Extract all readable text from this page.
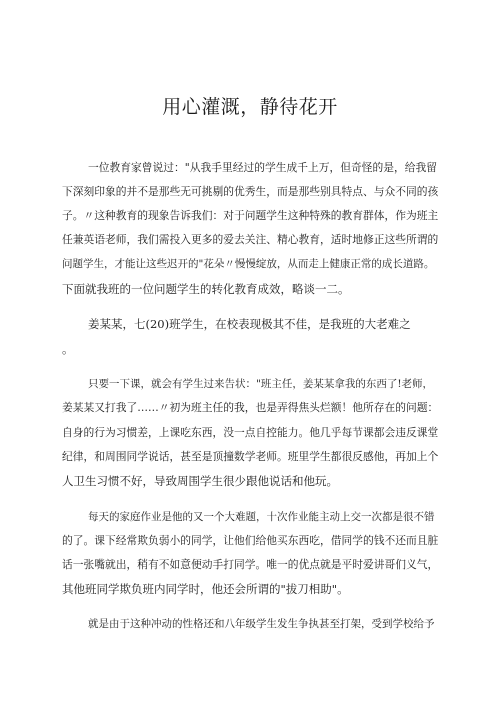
用心灌溉，静待花开
一位教育家曾说过："从我手里经过的学生成千上万，但奇怪的是，给我留
下深刻印象的并不是那些无可挑剔的优秀生，而是那些别具特点、与众不同的孩
子。〃这种教育的现象告诉我们：对于问题学生这种特殊的教育群体，作为班主
任兼英语老师，我们需投入更多的爱去关注、精心教育，适时地修正这些所谓的
问题学生，才能让这些迟开的"花朵〃慢慢绽放，从而走上健康正常的成长道路。
下面就我班的一位问题学生的转化教育成效，略谈一二。
姜某某，七(20)班学生，在校表现极其不佳，是我班的大老难之
。
只要一下课，就会有学生过来告状："班主任，姜某某拿我的东西了!老师，
姜某某又打我了……〃初为班主任的我，也是弄得焦头烂额！他所存在的问题：
自身的行为习惯差，上课吃东西，没一点自控能力。他几乎每节课都会违反课堂
纪律，和周围同学说话，甚至是顶撞数学老师。班里学生都很反感他，再加上个
人卫生习惯不好，导致周围学生很少跟他说话和他玩。
每天的家庭作业是他的又一个大难题，十次作业能主动上交一次都是很不错
的了。课下经常欺负弱小的同学，让他们给他买东西吃，借同学的钱不还而且脏
话一张嘴就出，稍有不如意便动手打同学。唯一的优点就是平时爱讲哥们义气，
其他班同学欺负班内同学时，他还会所谓的"拔刀相助"。
就是由于这种冲动的性格还和八年级学生发生争执甚至打架，受到学校给予
